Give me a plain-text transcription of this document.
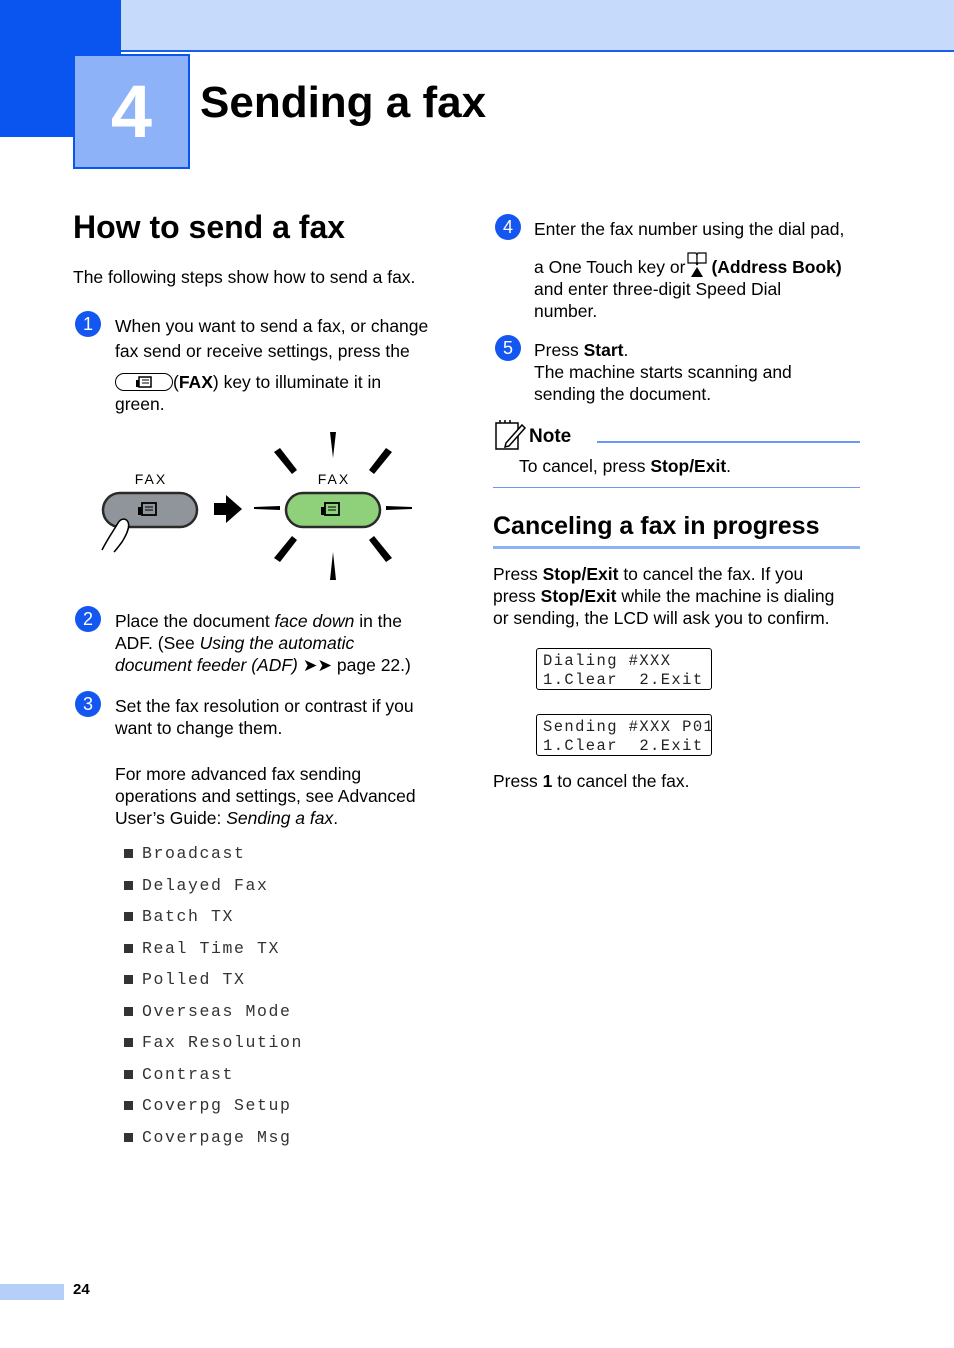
4	Sending a fax
How to send a fax
The following steps show how to send a fax.
1	When you want to send a fax, or change
fax send or receive settings, press the
( FAX ) key to illuminate it in
green.
FAX	FAX
2	Place the document face down in the
ADF. (See Using the automatic
document feeder (ADF) ➤➤ page 22.)
3	Set the fax resolution or contrast if you
want to change them.
For more advanced fax sending
operations and settings, see Advanced
User’s Guide: Sending a fax.
Broadcast
Delayed Fax
Batch TX
Real Time TX
Polled TX
Overseas Mode
Fax Resolution
Contrast
Coverpg Setup
Coverpage Msg
4	Enter the fax number using the dial pad,
a One Touch key or (Address Book)
and enter three-digit Speed Dial
number.
5	Press Start.
The machine starts scanning and
sending the document.
Note
To cancel, press Stop/Exit.
Canceling a fax in progress
Press Stop/Exit to cancel the fax. If you
press Stop/Exit while the machine is dialing
or sending, the LCD will ask you to confirm.
Dialing #XXX
1.Clear  2.Exit
Sending #XXX P01
1.Clear  2.Exit
Press 1 to cancel the fax.
24
